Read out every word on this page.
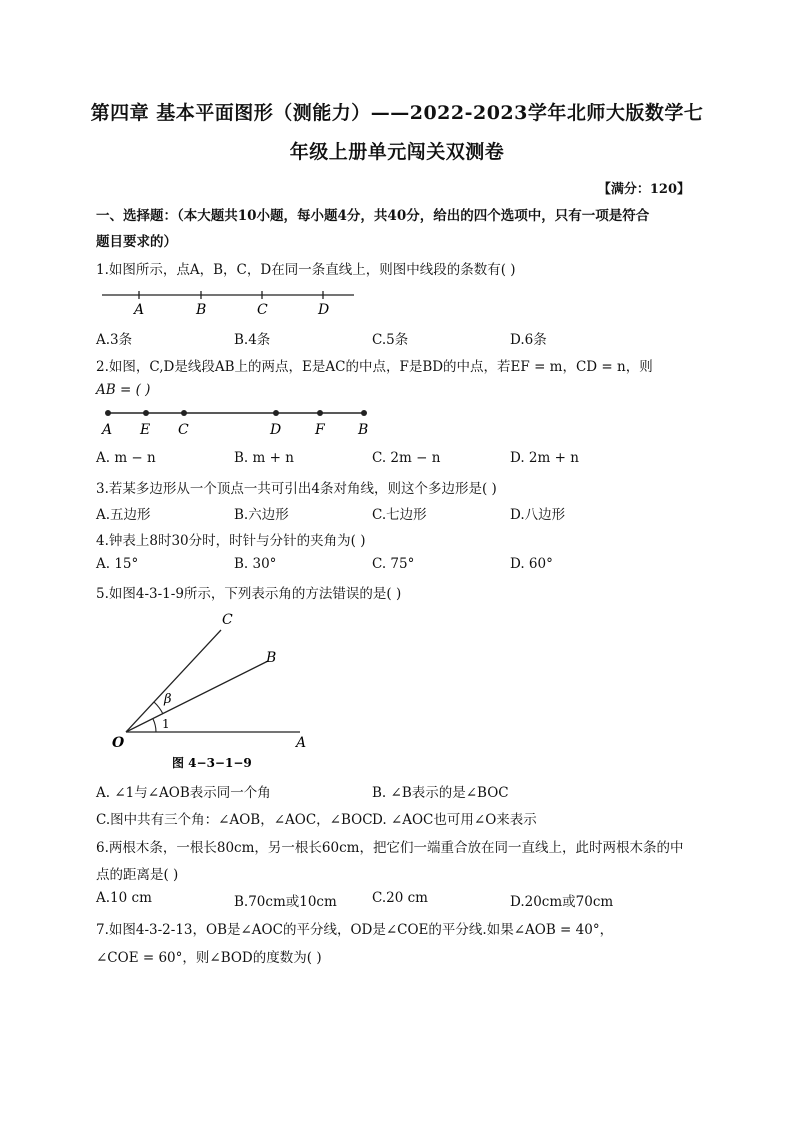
第四章 基本平面图形（测能力）——2022-2023学年北师大版数学七
年级上册单元闯关双测卷
【满分：120】
一、选择题：（本大题共10小题，每小题4分，共40分，给出的四个选项中，只有一项是符合
题目要求的）
1.如图所示，点A，B，C，D在同一条直线上，则图中线段的条数有( )
A	B	C	D
A.3条	B.4条	C.5条	D.6条
2.如图，C,D是线段AB上的两点，E是AC的中点，F是BD的中点，若EF = m，CD = n，则
AB = ( )
A E C	D F B
A. m − n	B. m + n	C. 2m − n	D. 2m + n
3.若某多边形从一个顶点一共可引出4条对角线，则这个多边形是( )
A.五边形	B.六边形	C.七边形	D.八边形
4.钟表上8时30分时，时针与分针的夹角为( )
A. 15°	B. 30°	C. 75°	D. 60°
5.如图4-3-1-9所示，下列表示角的方法错误的是( )
C
B
β
1
O	A
图 4−3−1−9
A. ∠1与∠AOB表示同一个角	B. ∠B表示的是∠BOC
C.图中共有三个角：∠AOB，∠AOC，∠BOC D. ∠AOC也可用∠O来表示
6.两根木条，一根长80cm，另一根长60cm，把它们一端重合放在同一直线上，此时两根木条的中
点的距离是( )
A.10 cm	B.70cm或10cm	C.20 cm	D.20cm或70cm
7.如图4-3-2-13，OB是∠AOC的平分线，OD是∠COE的平分线.如果∠AOB = 40°，
∠COE = 60°，则∠BOD的度数为( )
